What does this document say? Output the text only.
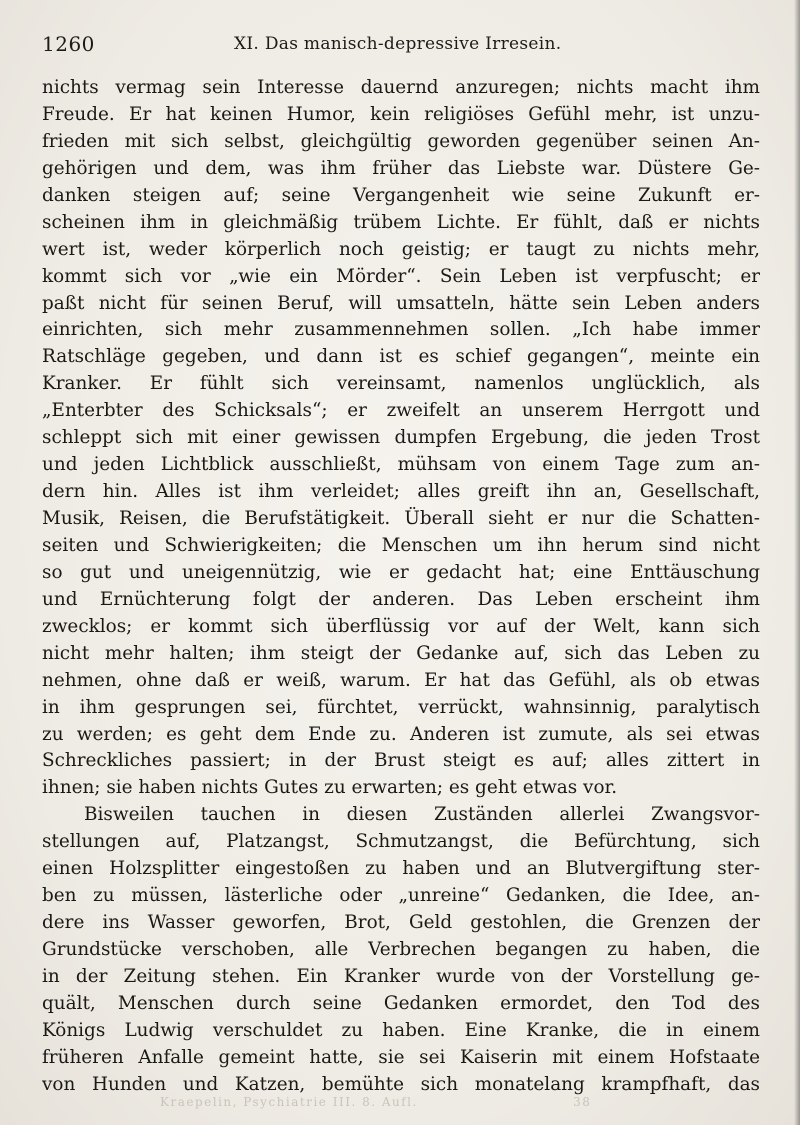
1260	XI. Das manisch-depressive Irresein.
nichts vermag sein Interesse dauernd anzuregen; nichts macht ihm
Freude. Er hat keinen Humor, kein religiöses Gefühl mehr, ist unzu-
frieden mit sich selbst, gleichgültig geworden gegenüber seinen An-
gehörigen und dem, was ihm früher das Liebste war. Düstere Ge-
danken steigen auf; seine Vergangenheit wie seine Zukunft er-
scheinen ihm in gleichmäßig trübem Lichte. Er fühlt, daß er nichts
wert ist, weder körperlich noch geistig; er taugt zu nichts mehr,
kommt sich vor „wie ein Mörder“. Sein Leben ist verpfuscht; er
paßt nicht für seinen Beruf, will umsatteln, hätte sein Leben anders
einrichten, sich mehr zusammennehmen sollen. „Ich habe immer
Ratschläge gegeben, und dann ist es schief gegangen“, meinte ein
Kranker. Er fühlt sich vereinsamt, namenlos unglücklich, als
„Enterbter des Schicksals“; er zweifelt an unserem Herrgott und
schleppt sich mit einer gewissen dumpfen Ergebung, die jeden Trost
und jeden Lichtblick ausschließt, mühsam von einem Tage zum an-
dern hin. Alles ist ihm verleidet; alles greift ihn an, Gesellschaft,
Musik, Reisen, die Berufstätigkeit. Überall sieht er nur die Schatten-
seiten und Schwierigkeiten; die Menschen um ihn herum sind nicht
so gut und uneigennützig, wie er gedacht hat; eine Enttäuschung
und Ernüchterung folgt der anderen. Das Leben erscheint ihm
zwecklos; er kommt sich überflüssig vor auf der Welt, kann sich
nicht mehr halten; ihm steigt der Gedanke auf, sich das Leben zu
nehmen, ohne daß er weiß, warum. Er hat das Gefühl, als ob etwas
in ihm gesprungen sei, fürchtet, verrückt, wahnsinnig, paralytisch
zu werden; es geht dem Ende zu. Anderen ist zumute, als sei etwas
Schreckliches passiert; in der Brust steigt es auf; alles zittert in
ihnen; sie haben nichts Gutes zu erwarten; es geht etwas vor.
Bisweilen tauchen in diesen Zuständen allerlei Zwangsvor-
stellungen auf, Platzangst, Schmutzangst, die Befürchtung, sich
einen Holzsplitter eingestoßen zu haben und an Blutvergiftung ster-
ben zu müssen, lästerliche oder „unreine“ Gedanken, die Idee, an-
dere ins Wasser geworfen, Brot, Geld gestohlen, die Grenzen der
Grundstücke verschoben, alle Verbrechen begangen zu haben, die
in der Zeitung stehen. Ein Kranker wurde von der Vorstellung ge-
quält, Menschen durch seine Gedanken ermordet, den Tod des
Königs Ludwig verschuldet zu haben. Eine Kranke, die in einem
früheren Anfalle gemeint hatte, sie sei Kaiserin mit einem Hofstaate
von Hunden und Katzen, bemühte sich monatelang krampfhaft, das
Kraepelin, Psychiatrie III. 8. Aufl.	38
